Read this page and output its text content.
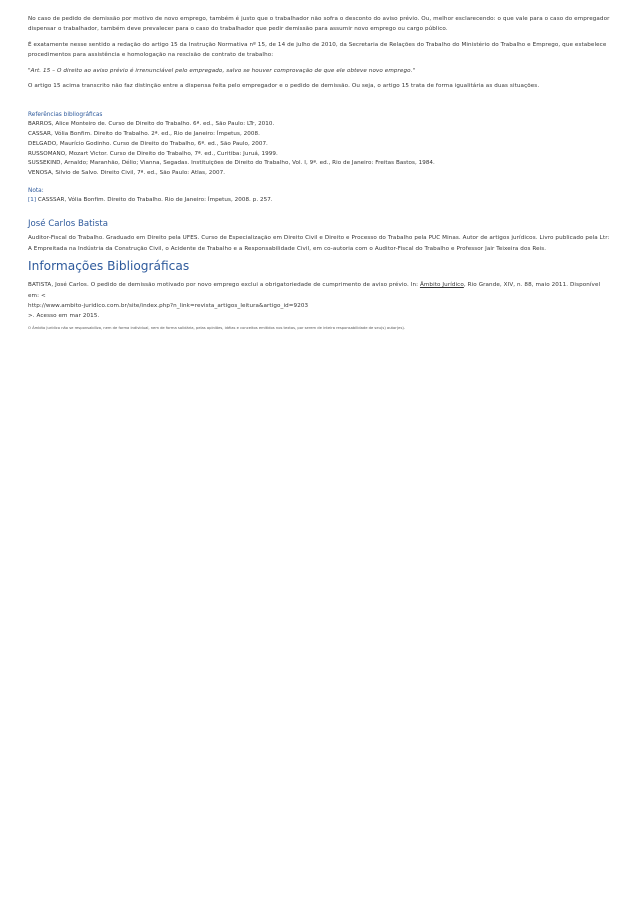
No caso de pedido de demissão por motivo de novo emprego, também é justo que o trabalhador não sofra o desconto do aviso prévio. Ou, melhor esclarecendo: o que vale para o caso do empregador dispensar o trabalhador, também deve prevalecer para o caso do trabalhador que pedir demissão para assumir novo emprego ou cargo público.

É exatamente nesse sentido a redação do artigo 15 da Instrução Normativa nº 15, de 14 de julho de 2010, da Secretaria de Relações do Trabalho do Ministério do Trabalho e Emprego, que estabelece procedimentos para assistência e homologação na rescisão de contrato de trabalho:

"Art. 15 – O direito ao aviso prévio é irrenunciável pelo empregado, salvo se houver comprovação de que ele obteve novo emprego."

O artigo 15 acima transcrito não faz distinção entre a dispensa feita pelo empregador e o pedido de demissão. Ou seja, o artigo 15 trata de forma igualitária as duas situações.

Referências bibliográficas

BARROS, Alice Monteiro de. Curso de Direito do Trabalho. 6ª. ed., São Paulo: LTr, 2010.

CASSAR, Vólia Bonfim. Direito do Trabalho. 2ª. ed., Rio de Janeiro: Ímpetus, 2008.

DELGADO, Maurício Godinho. Curso de Direito do Trabalho, 6ª. ed., São Paulo, 2007.

RUSSOMANO, Mozart Victor. Curso de Direito do Trabalho, 7ª. ed., Curitiba: Juruá, 1999.

SUSSEKIND, Arnaldo; Maranhão, Délio; Vianna, Segadas. Instituições de Direito do Trabalho, Vol. I, 9ª. ed., Rio de Janeiro: Freitas Bastos, 1984.

VENOSA, Silvio de Salvo. Direito Civil, 7ª. ed., São Paulo: Atlas, 2007.

Nota:

[1] CASSSAR, Vólia Bonfim. Direito do Trabalho. Rio de Janeiro: Ímpetus, 2008. p. 257.

José Carlos Batista

Auditor-Fiscal do Trabalho. Graduado em Direito pela UFES. Curso de Especialização em Direito Civil e Direito e Processo do Trabalho pela PUC Minas. Autor de artigos jurídicos. Livro publicado pela Ltr: A Empreitada na Indústria da Construção Civil, o Acidente de Trabalho e a Responsabilidade Civil, em co-autoria com o Auditor-Fiscal do Trabalho e Professor Jair Teixeira dos Reis.

Informações Bibliográficas

BATISTA, José Carlos. O pedido de demissão motivado por novo emprego exclui a obrigatoriedade de cumprimento de aviso prévio. In: Âmbito Jurídico, Rio Grande, XIV, n. 88, maio 2011. Disponível em: <
http://www.ambito-juridico.com.br/site/index.php?n_link=revista_artigos_leitura&artigo_id=9203
>. Acesso em mar 2015.

O Âmbito Jurídico não se responsabiliza, nem de forma individual, nem de forma solidária, pelas opiniões, idéias e conceitos emitidos nos textos, por serem de inteira responsabilidade de seu(s) autor(es).
